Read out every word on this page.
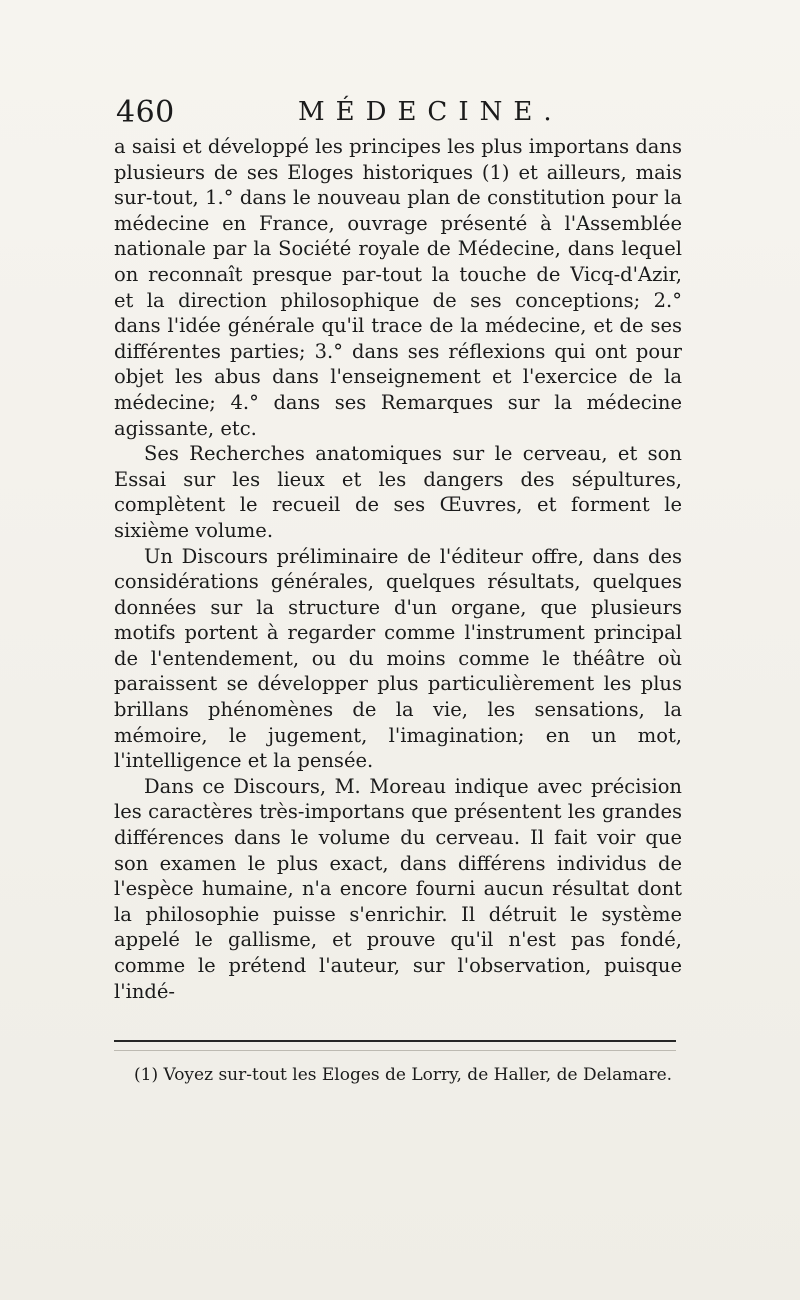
460	MÉDECINE.

a saisi et développé les principes les plus importans dans plusieurs de ses Eloges historiques (1) et ailleurs, mais sur-tout, 1.° dans le nouveau plan de constitution pour la médecine en France, ouvrage présenté à l'Assemblée nationale par la Société royale de Médecine, dans lequel on reconnaît presque par-tout la touche de Vicq-d'Azir, et la direction philosophique de ses conceptions; 2.° dans l'idée générale qu'il trace de la médecine, et de ses différentes parties; 3.° dans ses réflexions qui ont pour objet les abus dans l'enseignement et l'exercice de la médecine; 4.° dans ses Remarques sur la médecine agissante, etc.

Ses Recherches anatomiques sur le cerveau, et son Essai sur les lieux et les dangers des sépultures, complètent le recueil de ses Œuvres, et forment le sixième volume.

Un Discours préliminaire de l'éditeur offre, dans des considérations générales, quelques résultats, quelques données sur la structure d'un organe, que plusieurs motifs portent à regarder comme l'instrument principal de l'entendement, ou du moins comme le théâtre où paraissent se développer plus particulièrement les plus brillans phénomènes de la vie, les sensations, la mémoire, le jugement, l'imagination; en un mot, l'intelligence et la pensée.

Dans ce Discours, M. Moreau indique avec précision les caractères très-importans que présentent les grandes différences dans le volume du cerveau. Il fait voir que son examen le plus exact, dans différens individus de l'espèce humaine, n'a encore fourni aucun résultat dont la philosophie puisse s'enrichir. Il détruit le système appelé le gallisme, et prouve qu'il n'est pas fondé, comme le prétend l'auteur, sur l'observation, puisque l'indé-

(1) Voyez sur-tout les Eloges de Lorry, de Haller, de Delamare.
